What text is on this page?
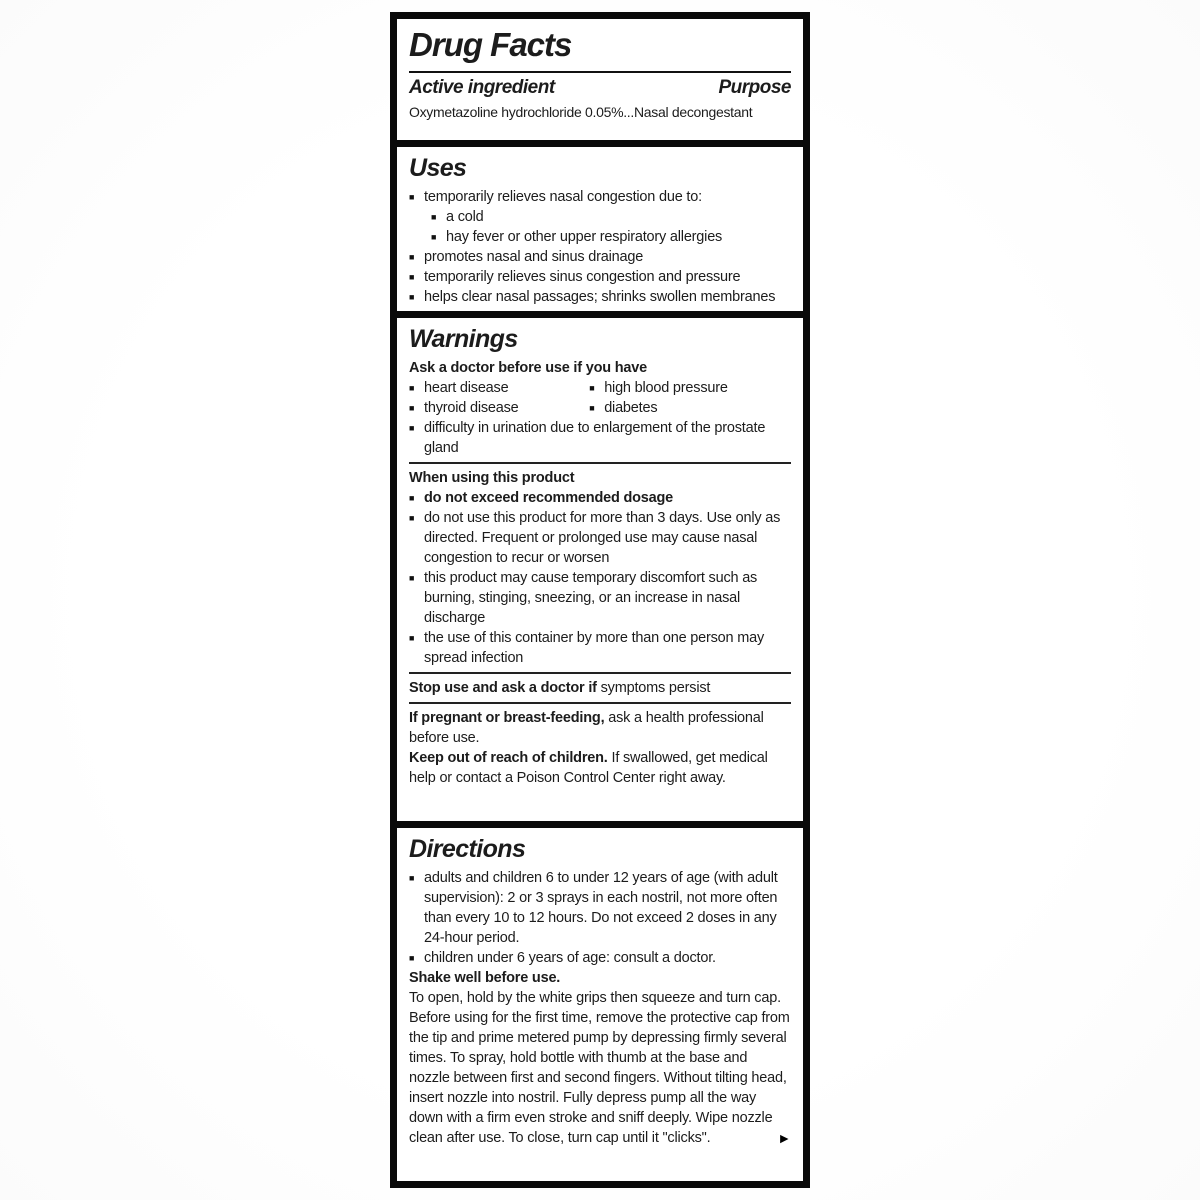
Drug Facts
Active ingredient	Purpose
Oxymetazoline hydrochloride 0.05%...Nasal decongestant
Uses
■ temporarily relieves nasal congestion due to:
■ a cold
■ hay fever or other upper respiratory allergies
■ promotes nasal and sinus drainage
■ temporarily relieves sinus congestion and pressure
■ helps clear nasal passages; shrinks swollen membranes
Warnings
Ask a doctor before use if you have
■ heart disease	■ high blood pressure
■ thyroid disease	■ diabetes
■ difficulty in urination due to enlargement of the prostate gland
When using this product
■ do not exceed recommended dosage
■ do not use this product for more than 3 days. Use only as directed. Frequent or prolonged use may cause nasal congestion to recur or worsen
■ this product may cause temporary discomfort such as burning, stinging, sneezing, or an increase in nasal discharge
■ the use of this container by more than one person may spread infection
Stop use and ask a doctor if symptoms persist
If pregnant or breast-feeding, ask a health professional before use.
Keep out of reach of children. If swallowed, get medical help or contact a Poison Control Center right away.
Directions
■ adults and children 6 to under 12 years of age (with adult supervision): 2 or 3 sprays in each nostril, not more often than every 10 to 12 hours. Do not exceed 2 doses in any 24-hour period.
■ children under 6 years of age: consult a doctor.
Shake well before use.
To open, hold by the white grips then squeeze and turn cap. Before using for the first time, remove the protective cap from the tip and prime metered pump by depressing firmly several times. To spray, hold bottle with thumb at the base and nozzle between first and second fingers. Without tilting head, insert nozzle into nostril. Fully depress pump all the way down with a firm even stroke and sniff deeply. Wipe nozzle clean after use. To close, turn cap until it "clicks".	►
